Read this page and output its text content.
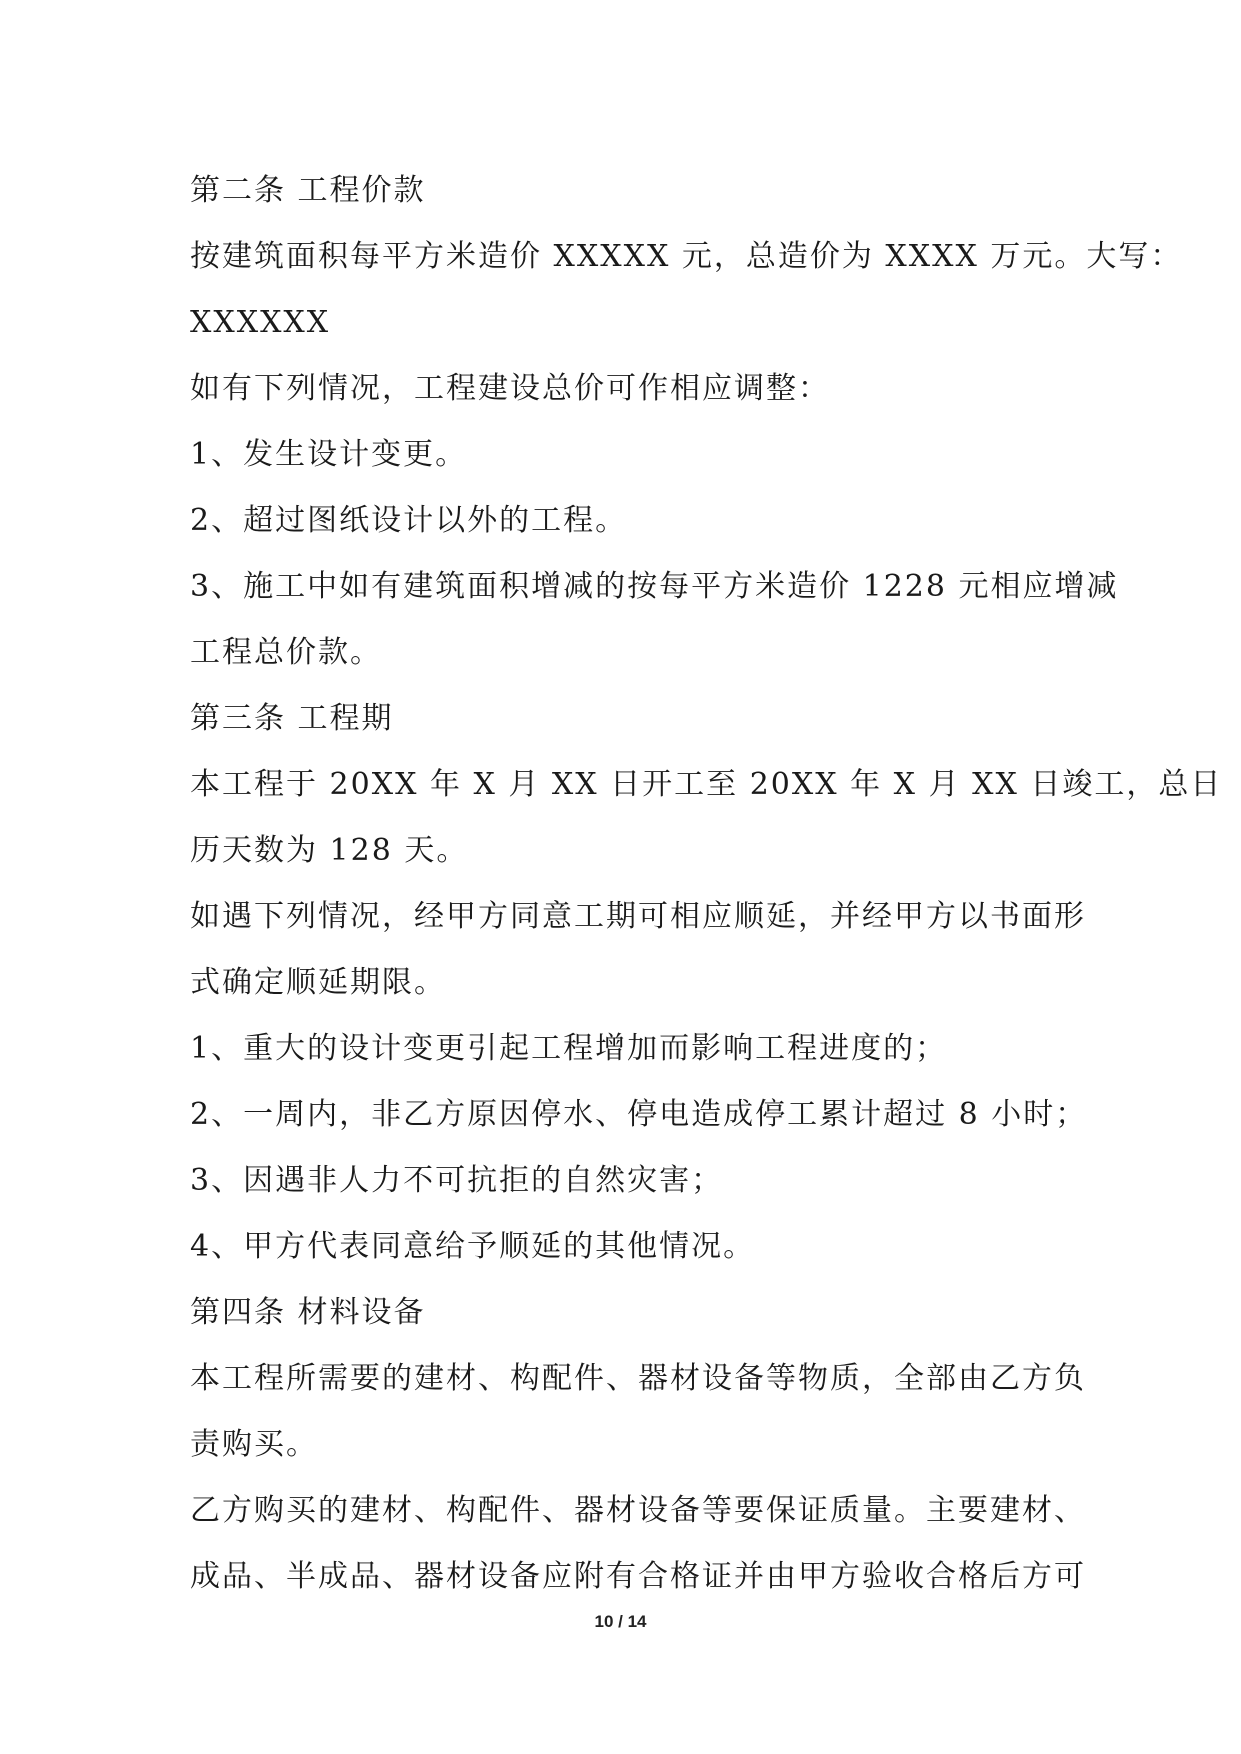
第二条 工程价款
按建筑面积每平方米造价 XXXXX 元，总造价为 XXXX 万元。大写：
XXXXXX
如有下列情况，工程建设总价可作相应调整：
1、发生设计变更。
2、超过图纸设计以外的工程。
3、施工中如有建筑面积增减的按每平方米造价 1228 元相应增减
工程总价款。
第三条 工程期
本工程于 20XX 年 X 月 XX 日开工至 20XX 年 X 月 XX 日竣工，总日
历天数为 128 天。
如遇下列情况，经甲方同意工期可相应顺延，并经甲方以书面形
式确定顺延期限。
1、重大的设计变更引起工程增加而影响工程进度的；
2、一周内，非乙方原因停水、停电造成停工累计超过 8 小时；
3、因遇非人力不可抗拒的自然灾害；
4、甲方代表同意给予顺延的其他情况。
第四条 材料设备
本工程所需要的建材、构配件、器材设备等物质，全部由乙方负
责购买。
乙方购买的建材、构配件、器材设备等要保证质量。主要建材、
成品、半成品、器材设备应附有合格证并由甲方验收合格后方可
10 / 14
